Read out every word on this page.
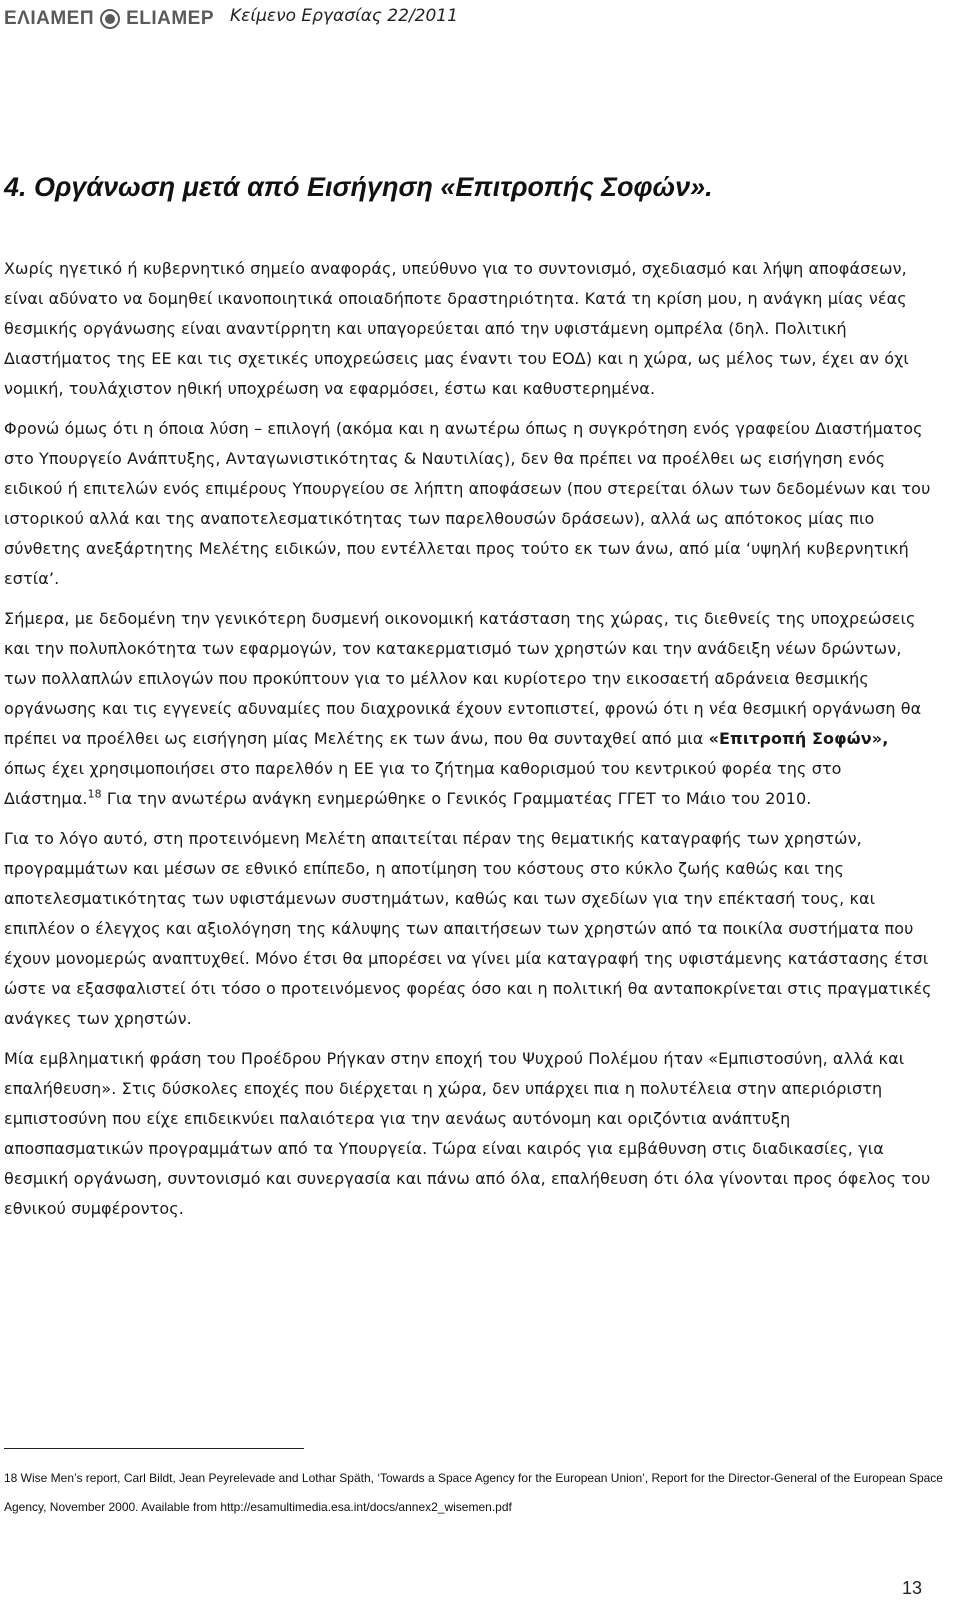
ΕΛΙΑΜΕΠ ELIAMEP Κείμενο Εργασίας 22/2011
4. Οργάνωση μετά από Εισήγηση «Επιτροπής Σοφών».

Χωρίς ηγετικό ή κυβερνητικό σημείο αναφοράς, υπεύθυνο για το συντονισμό, σχεδιασμό και λήψη αποφάσεων, είναι αδύνατο να δομηθεί ικανοποιητικά οποιαδήποτε δραστηριότητα. Κατά τη κρίση μου, η ανάγκη μίας νέας θεσμικής οργάνωσης είναι αναντίρρητη και υπαγορεύεται από την υφιστάμενη ομπρέλα (δηλ. Πολιτική Διαστήματος της ΕΕ και τις σχετικές υποχρεώσεις μας έναντι του ΕΟΔ) και η χώρα, ως μέλος των, έχει αν όχι νομική, τουλάχιστον ηθική υποχρέωση να εφαρμόσει, έστω και καθυστερημένα.

Φρονώ όμως ότι η όποια λύση – επιλογή (ακόμα και η ανωτέρω όπως η συγκρότηση ενός γραφείου Διαστήματος στο Υπουργείο Ανάπτυξης, Ανταγωνιστικότητας & Ναυτιλίας), δεν θα πρέπει να προέλθει ως εισήγηση ενός ειδικού ή επιτελών ενός επιμέρους Υπουργείου σε λήπτη αποφάσεων (που στερείται όλων των δεδομένων και του ιστορικού αλλά και της αναποτελεσματικότητας των παρελθουσών δράσεων), αλλά ως απότοκος μίας πιο σύνθετης ανεξάρτητης Μελέτης ειδικών, που εντέλλεται προς τούτο εκ των άνω, από μία ‘υψηλή κυβερνητική εστία’.

Σήμερα, με δεδομένη την γενικότερη δυσμενή οικονομική κατάσταση της χώρας, τις διεθνείς της υποχρεώσεις και την πολυπλοκότητα των εφαρμογών, τον κατακερματισμό των χρηστών και την ανάδειξη νέων δρώντων, των πολλαπλών επιλογών που προκύπτουν για το μέλλον και κυρίοτερο την εικοσαετή αδράνεια θεσμικής οργάνωσης και τις εγγενείς αδυναμίες που διαχρονικά έχουν εντοπιστεί, φρονώ ότι η νέα θεσμική οργάνωση θα πρέπει να προέλθει ως εισήγηση μίας Μελέτης εκ των άνω, που θα συνταχθεί από μια «Επιτροπή Σοφών», όπως έχει χρησιμοποιήσει στο παρελθόν η ΕΕ για το ζήτημα καθορισμού του κεντρικού φορέα της στο Διάστημα.$^{18}$ Για την ανωτέρω ανάγκη ενημερώθηκε ο Γενικός Γραμματέας ΓΓΕΤ το Μάιο του 2010.

Για το λόγο αυτό, στη προτεινόμενη Μελέτη απαιτείται πέραν της θεματικής καταγραφής των χρηστών, προγραμμάτων και μέσων σε εθνικό επίπεδο, η αποτίμηση του κόστους στο κύκλο ζωής καθώς και της αποτελεσματικότητας των υφιστάμενων συστημάτων, καθώς και των σχεδίων για την επέκτασή τους, και επιπλέον ο έλεγχος και αξιολόγηση της κάλυψης των απαιτήσεων των χρηστών από τα ποικίλα συστήματα που έχουν μονομερώς αναπτυχθεί. Μόνο έτσι θα μπορέσει να γίνει μία καταγραφή της υφιστάμενης κατάστασης έτσι ώστε να εξασφαλιστεί ότι τόσο ο προτεινόμενος φορέας όσο και η πολιτική θα ανταποκρίνεται στις πραγματικές ανάγκες των χρηστών.

Μία εμβληματική φράση του Προέδρου Ρήγκαν στην εποχή του Ψυχρού Πολέμου ήταν «Εμπιστοσύνη, αλλά και επαλήθευση». Στις δύσκολες εποχές που διέρχεται η χώρα, δεν υπάρχει πια η πολυτέλεια στην απεριόριστη εμπιστοσύνη που είχε επιδεικνύει παλαιότερα για την αενάως αυτόνομη και οριζόντια ανάπτυξη αποσπασματικών προγραμμάτων από τα Υπουργεία. Τώρα είναι καιρός για εμβάθυνση στις διαδικασίες, για θεσμική οργάνωση, συντονισμό και συνεργασία και πάνω από όλα, επαλήθευση ότι όλα γίνονται προς όφελος του εθνικού συμφέροντος.

18 Wise Men’s report, Carl Bildt, Jean Peyrelevade and Lothar Späth, ‘Towards a Space Agency for the European Union’, Report for the Director-General of the European Space Agency, November 2000. Available from http://esamultimedia.esa.int/docs/annex2_wisemen.pdf
13
